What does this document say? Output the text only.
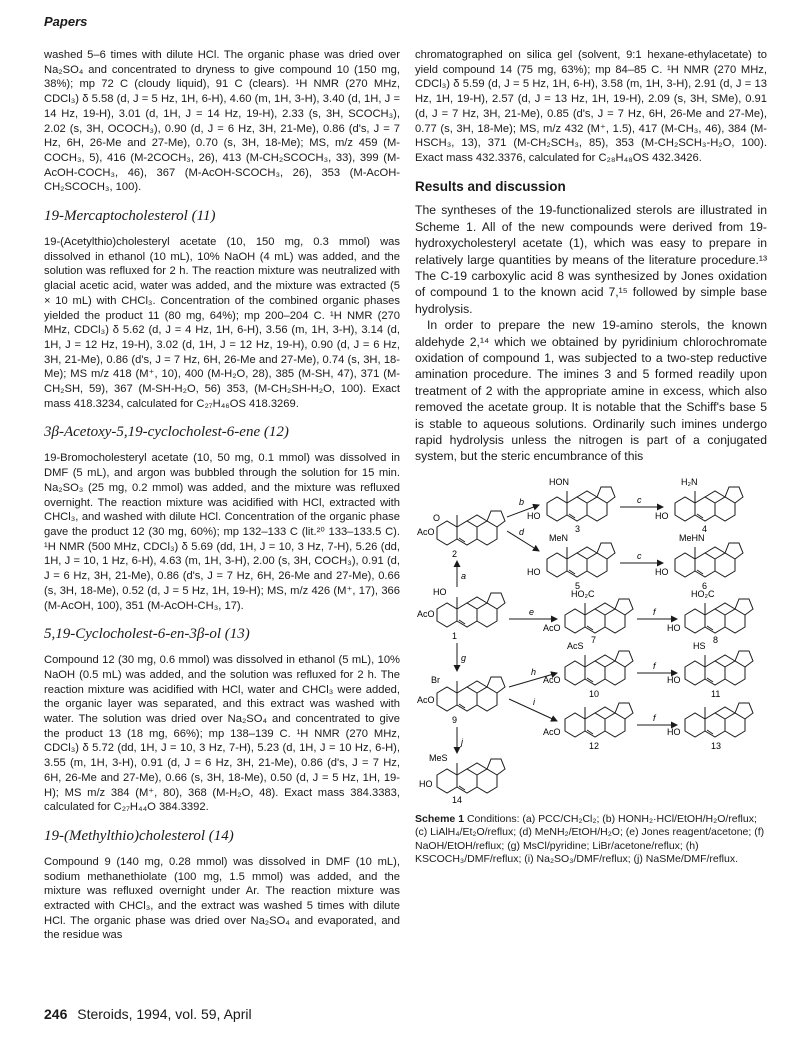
Papers

washed 5–6 times with dilute HCl. The organic phase was dried over Na₂SO₄ and concentrated to dryness to give compound 10 (150 mg, 38%); mp 72 C (cloudy liquid), 91 C (clears). ¹H NMR (270 MHz, CDCl₃) δ 5.58 (d, J = 5 Hz, 1H, 6-H), 4.60 (m, 1H, 3-H), 3.40 (d, 1H, J = 14 Hz, 19-H), 3.01 (d, 1H, J = 14 Hz, 19-H), 2.33 (s, 3H, SCOCH₃), 2.02 (s, 3H, OCOCH₃), 0.90 (d, J = 6 Hz, 3H, 21-Me), 0.86 (d's, J = 7 Hz, 6H, 26-Me and 27-Me), 0.70 (s, 3H, 18-Me); MS, m/z 459 (M-COCH₃, 5), 416 (M-2COCH₃, 26), 413 (M-CH₂SCOCH₃, 33), 399 (M-AcOH-COCH₃, 46), 367 (M-AcOH-SCOCH₃, 26), 353 (M-AcOH-CH₂SCOCH₃, 100).

19-Mercaptocholesterol (11)

19-(Acetylthio)cholesteryl acetate (10, 150 mg, 0.3 mmol) was dissolved in ethanol (10 mL), 10% NaOH (4 mL) was added, and the solution was refluxed for 2 h. The reaction mixture was neutralized with glacial acetic acid, water was added, and the mixture was extracted (5 × 10 mL) with CHCl₃. Concentration of the combined organic phases yielded the product 11 (80 mg, 64%); mp 200–204 C. ¹H NMR (270 MHz, CDCl₃) δ 5.62 (d, J = 4 Hz, 1H, 6-H), 3.56 (m, 1H, 3-H), 3.14 (d, 1H, J = 12 Hz, 19-H), 3.02 (d, 1H, J = 12 Hz, 19-H), 0.90 (d, J = 6 Hz, 3H, 21-Me), 0.86 (d's, J = 7 Hz, 6H, 26-Me and 27-Me), 0.74 (s, 3H, 18-Me); MS m/z 418 (M⁺, 10), 400 (M-H₂O, 28), 385 (M-SH, 47), 371 (M-CH₂SH, 59), 367 (M-SH-H₂O, 56) 353, (M-CH₂SH-H₂O, 100). Exact mass 418.3234, calculated for C₂₇H₄₆OS 418.3269.

3β-Acetoxy-5,19-cyclocholest-6-ene (12)

19-Bromocholesteryl acetate (10, 50 mg, 0.1 mmol) was dissolved in DMF (5 mL), and argon was bubbled through the solution for 15 min. Na₂SO₃ (25 mg, 0.2 mmol) was added, and the mixture was refluxed overnight. The reaction mixture was acidified with HCl, extracted with CHCl₃, and washed with dilute HCl. Concentration of the organic phase gave the product 12 (30 mg, 60%); mp 132–133 C (lit.²⁰ 133–133.5 C). ¹H NMR (500 MHz, CDCl₃) δ 5.69 (dd, 1H, J = 10, 3 Hz, 7-H), 5.26 (dd, 1H, J = 10, 1 Hz, 6-H), 4.63 (m, 1H, 3-H), 2.00 (s, 3H, COCH₃), 0.91 (d, J = 6 Hz, 3H, 21-Me), 0.86 (d's, J = 7 Hz, 6H, 26-Me and 27-Me), 0.66 (s, 3H, 18-Me), 0.52 (d, J = 5 Hz, 1H, 19-H); MS, m/z 426 (M⁺, 17), 366 (M-AcOH, 100), 351 (M-AcOH-CH₃, 17).

5,19-Cyclocholest-6-en-3β-ol (13)

Compound 12 (30 mg, 0.6 mmol) was dissolved in ethanol (5 mL), 10% NaOH (0.5 mL) was added, and the solution was refluxed for 2 h. The reaction mixture was acidified with HCl, water and CHCl₃ were added, the organic layer was separated, and this extract was washed with water. The solution was dried over Na₂SO₄ and concentrated to give the product 13 (18 mg, 66%); mp 138–139 C. ¹H NMR (270 MHz, CDCl₃) δ 5.72 (dd, 1H, J = 10, 3 Hz, 7-H), 5.23 (d, 1H, J = 10 Hz, 6-H), 3.55 (m, 1H, 3-H), 0.91 (d, J = 6 Hz, 3H, 21-Me), 0.86 (d's, J = 7 Hz, 6H, 26-Me and 27-Me), 0.66 (s, 3H, 18-Me), 0.50 (d, J = 5 Hz, 1H, 19-H); MS m/z 384 (M⁺, 80), 368 (M-H₂O, 48). Exact mass 384.3383, calculated for C₂₇H₄₄O 384.3392.

19-(Methylthio)cholesterol (14)

Compound 9 (140 mg, 0.28 mmol) was dissolved in DMF (10 mL), sodium methanethiolate (100 mg, 1.5 mmol) was added, and the mixture was refluxed overnight under Ar. The reaction mixture was extracted with CHCl₃, and the extract was washed 5 times with dilute HCl. The organic phase was dried over Na₂SO₄ and evaporated, and the residue was

chromatographed on silica gel (solvent, 9:1 hexane-ethylacetate) to yield compound 14 (75 mg, 63%); mp 84–85 C. ¹H NMR (270 MHz, CDCl₃) δ 5.59 (d, J = 5 Hz, 1H, 6-H), 3.58 (m, 1H, 3-H), 2.91 (d, J = 13 Hz, 1H, 19-H), 2.57 (d, J = 13 Hz, 1H, 19-H), 2.09 (s, 3H, SMe), 0.91 (d, J = 7 Hz, 3H, 21-Me), 0.85 (d's, J = 7 Hz, 6H, 26-Me and 27-Me), 0.77 (s, 3H, 18-Me); MS, m/z 432 (M⁺, 1.5), 417 (M-CH₃, 46), 384 (M-HSCH₃, 13), 371 (M-CH₂SCH₃, 85), 353 (M-CH₂SCH₃-H₂O, 100). Exact mass 432.3376, calculated for C₂₈H₄₈OS 432.3426.

Results and discussion

The syntheses of the 19-functionalized sterols are illustrated in Scheme 1. All of the new compounds were derived from 19-hydroxycholesteryl acetate (1), which was easy to prepare in relatively large quantities by means of the literature procedure.¹³ The C-19 carboxylic acid 8 was synthesized by Jones oxidation of compound 1 to the known acid 7,¹⁵ followed by simple base hydrolysis.

In order to prepare the new 19-amino sterols, the known aldehyde 2,¹⁴ which we obtained by pyridinium chlorochromate oxidation of compound 1, was subjected to a two-step reductive amination procedure. The imines 3 and 5 formed readily upon treatment of 2 with the appropriate amine in excess, which also removed the acetate group. It is notable that the Schiff's base 5 is stable to aqueous solutions. Ordinarily such imines undergo rapid hydrolysis unless the nitrogen is part of a conjugated system, but the steric encumbrance of this

O
AcO
2
HON
HO
3
H₂N
HO
4
b	c
MeN
HO
5
MeHN
HO
6
d
c
a
HO
AcO
1
HO₂C
AcO
7
HO₂C
HO
8
e	f
g
Br
AcO
9
AcS
AcO
10
HS
HO
11
h
f
AcO
12
HO
13
i
f
j
MeS
HO
14
Scheme 1 Conditions: (a) PCC/CH₂Cl₂; (b) HONH₂·HCl/EtOH/H₂O/reflux; (c) LiAlH₄/Et₂O/reflux; (d) MeNH₂/EtOH/H₂O; (e) Jones reagent/acetone; (f) NaOH/EtOH/reflux; (g) MsCl/pyridine; LiBr/acetone/reflux; (h) KSCOCH₃/DMF/reflux; (i) Na₂SO₃/DMF/reflux; (j) NaSMe/DMF/reflux.
246 Steroids, 1994, vol. 59, April
